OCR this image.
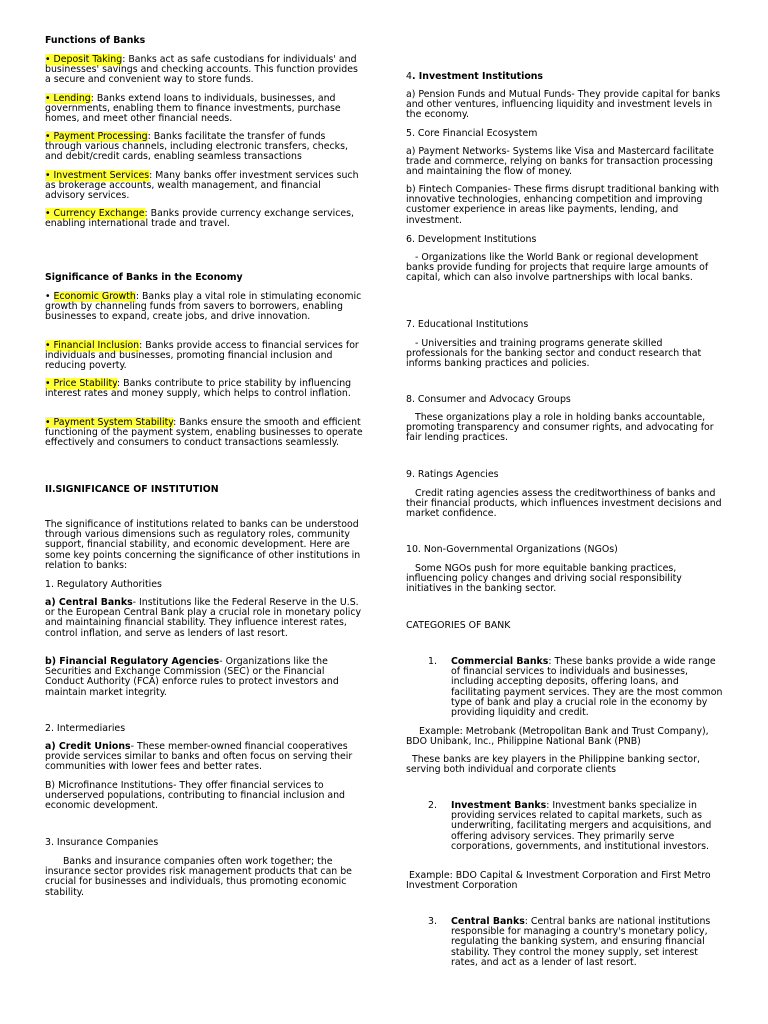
Functions of Banks

• Deposit Taking: Banks act as safe custodians for individuals' and businesses' savings and checking accounts. This function provides a secure and convenient way to store funds.

• Lending: Banks extend loans to individuals, businesses, and governments, enabling them to finance investments, purchase homes, and meet other financial needs.

• Payment Processing: Banks facilitate the transfer of funds through various channels, including electronic transfers, checks, and debit/credit cards, enabling seamless transactions

• Investment Services: Many banks offer investment services such as brokerage accounts, wealth management, and financial advisory services.

• Currency Exchange: Banks provide currency exchange services, enabling international trade and travel.

Significance of Banks in the Economy

• Economic Growth: Banks play a vital role in stimulating economic growth by channeling funds from savers to borrowers, enabling businesses to expand, create jobs, and drive innovation.

• Financial Inclusion: Banks provide access to financial services for individuals and businesses, promoting financial inclusion and reducing poverty.

• Price Stability: Banks contribute to price stability by influencing interest rates and money supply, which helps to control inflation.

• Payment System Stability: Banks ensure the smooth and efficient functioning of the payment system, enabling businesses to operate effectively and consumers to conduct transactions seamlessly.

II.SIGNIFICANCE OF INSTITUTION

The significance of institutions related to banks can be understood through various dimensions such as regulatory roles, community support, financial stability, and economic development. Here are some key points concerning the significance of other institutions in relation to banks:

1. Regulatory Authorities

a) Central Banks- Institutions like the Federal Reserve in the U.S. or the European Central Bank play a crucial role in monetary policy and maintaining financial stability. They influence interest rates, control inflation, and serve as lenders of last resort.

b) Financial Regulatory Agencies- Organizations like the Securities and Exchange Commission (SEC) or the Financial Conduct Authority (FCA) enforce rules to protect investors and maintain market integrity.

2. Intermediaries

a) Credit Unions- These member-owned financial cooperatives provide services similar to banks and often focus on serving their communities with lower fees and better rates.

B) Microfinance Institutions- They offer financial services to underserved populations, contributing to financial inclusion and economic development.

3. Insurance Companies

Banks and insurance companies often work together; the insurance sector provides risk management products that can be crucial for businesses and individuals, thus promoting economic stability.

4. Investment Institutions

a) Pension Funds and Mutual Funds- They provide capital for banks and other ventures, influencing liquidity and investment levels in the economy.

5. Core Financial Ecosystem

a) Payment Networks- Systems like Visa and Mastercard facilitate trade and commerce, relying on banks for transaction processing and maintaining the flow of money.

b) Fintech Companies- These firms disrupt traditional banking with innovative technologies, enhancing competition and improving customer experience in areas like payments, lending, and investment.

6. Development Institutions

- Organizations like the World Bank or regional development banks provide funding for projects that require large amounts of capital, which can also involve partnerships with local banks.

7. Educational Institutions

- Universities and training programs generate skilled professionals for the banking sector and conduct research that informs banking practices and policies.

8. Consumer and Advocacy Groups

These organizations play a role in holding banks accountable, promoting transparency and consumer rights, and advocating for fair lending practices.

9. Ratings Agencies

Credit rating agencies assess the creditworthiness of banks and their financial products, which influences investment decisions and market confidence.

10. Non-Governmental Organizations (NGOs)

Some NGOs push for more equitable banking practices, influencing policy changes and driving social responsibility initiatives in the banking sector.

CATEGORIES OF BANK

1.	Commercial Banks: These banks provide a wide range of financial services to individuals and businesses, including accepting deposits, offering loans, and facilitating payment services. They are the most common type of bank and play a crucial role in the economy by providing liquidity and credit.

Example: Metrobank (Metropolitan Bank and Trust Company), BDO Unibank, Inc., Philippine National Bank (PNB)

These banks are key players in the Philippine banking sector, serving both individual and corporate clients

2.	Investment Banks: Investment banks specialize in providing services related to capital markets, such as underwriting, facilitating mergers and acquisitions, and offering advisory services. They primarily serve corporations, governments, and institutional investors.

Example: BDO Capital & Investment Corporation and First Metro Investment Corporation

3.	Central Banks: Central banks are national institutions responsible for managing a country's monetary policy, regulating the banking system, and ensuring financial stability. They control the money supply, set interest rates, and act as a lender of last resort.
